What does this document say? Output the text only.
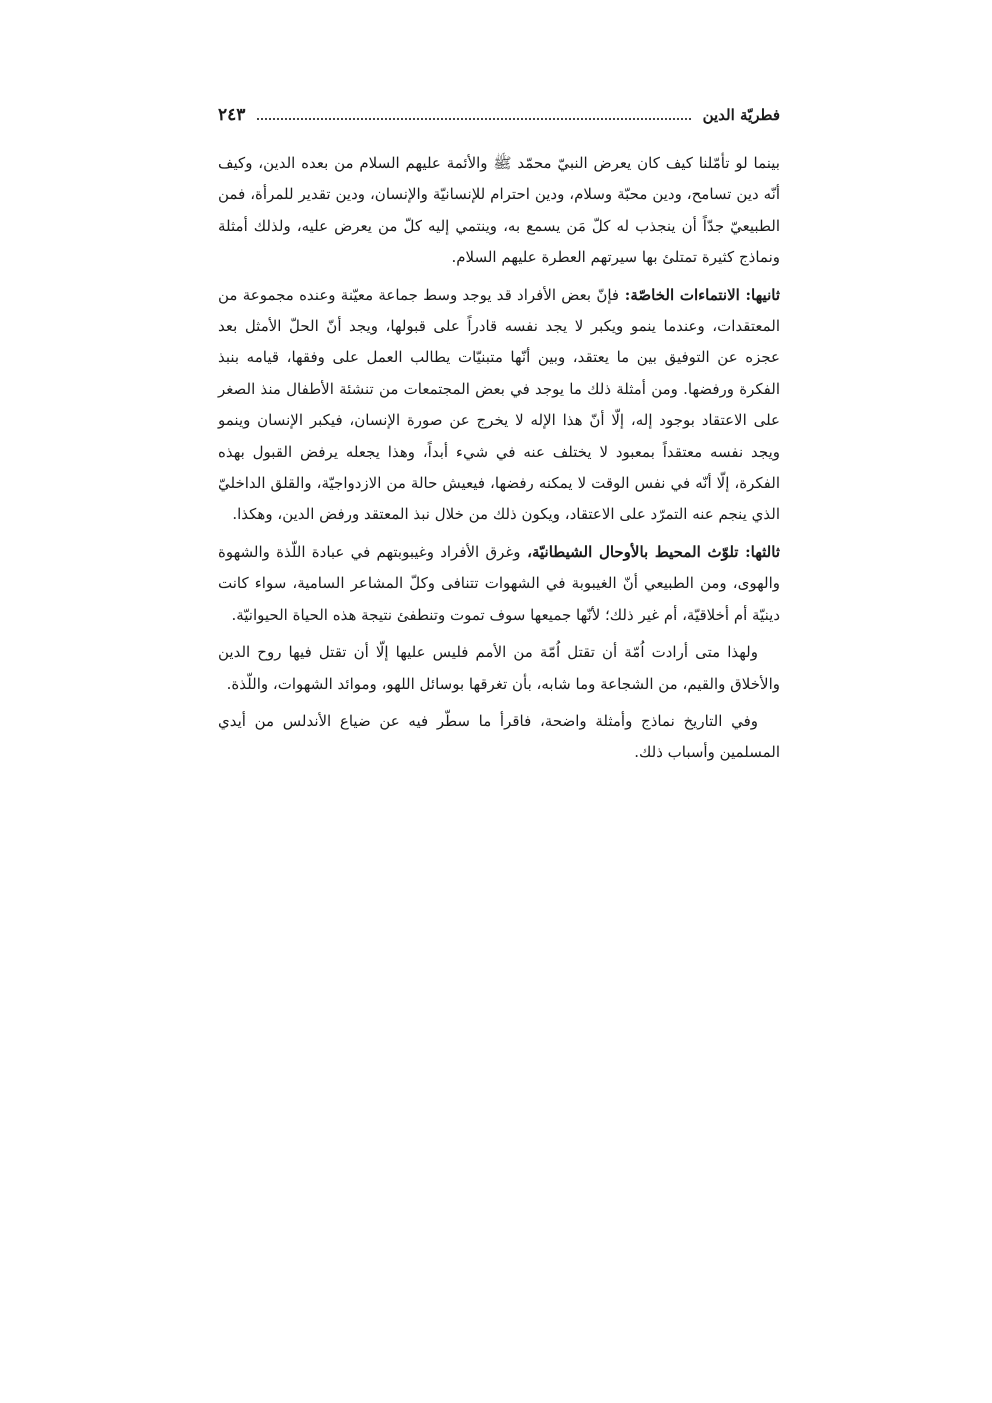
فطريّة الدين
٢٤٣

بينما لو تأمّلنا كيف كان يعرض النبيّ محمّد ﷺ والأئمة عليهم السلام من بعده الدين، وكيف أنّه دين تسامح، ودين محبّة وسلام، ودين احترام للإنسانيّة والإنسان، ودين تقدير للمرأة، فمن الطبيعيّ جدّاً أن ينجذب له كلّ مَن يسمع به، وينتمي إليه كلّ من يعرض عليه، ولذلك أمثلة ونماذج كثيرة تمتلئ بها سيرتهم العطرة عليهم السلام.

ثانيها: الانتماءات الخاصّة: فإنّ بعض الأفراد قد يوجد وسط جماعة معيّنة وعنده مجموعة من المعتقدات، وعندما ينمو ويكبر لا يجد نفسه قادراً على قبولها، ويجد أنّ الحلّ الأمثل بعد عجزه عن التوفيق بين ما يعتقد، وبين أنّها متبنيّات يطالب العمل على وفقها، قيامه بنبذ الفكرة ورفضها. ومن أمثلة ذلك ما يوجد في بعض المجتمعات من تنشئة الأطفال منذ الصغر على الاعتقاد بوجود إله، إلّا أنّ هذا الإله لا يخرج عن صورة الإنسان، فيكبر الإنسان وينمو ويجد نفسه معتقداً بمعبود لا يختلف عنه في شيء أبداً، وهذا يجعله يرفض القبول بهذه الفكرة، إلّا أنّه في نفس الوقت لا يمكنه رفضها، فيعيش حالة من الازدواجيّة، والقلق الداخليّ الذي ينجم عنه التمرّد على الاعتقاد، ويكون ذلك من خلال نبذ المعتقد ورفض الدين، وهكذا.

ثالثها: تلوّث المحيط بالأوحال الشيطانيّة، وغرق الأفراد وغيبوبتهم في عبادة اللّذة والشهوة والهوى، ومن الطبيعي أنّ الغيبوبة في الشهوات تتنافى وكلّ المشاعر السامية، سواء كانت دينيّة أم أخلاقيّة، أم غير ذلك؛ لأنّها جميعها سوف تموت وتنطفئ نتيجة هذه الحياة الحيوانيّة.

ولهذا متى أرادت اُمّة أن تقتل اُمّة من الأمم فليس عليها إلّا أن تقتل فيها روح الدين والأخلاق والقيم، من الشجاعة وما شابه، بأن تغرقها بوسائل اللهو، وموائد الشهوات، واللّذة.

وفي التاريخ نماذج وأمثلة واضحة، فاقرأ ما سطّر فيه عن ضياع الأندلس من أيدي المسلمين وأسباب ذلك.
